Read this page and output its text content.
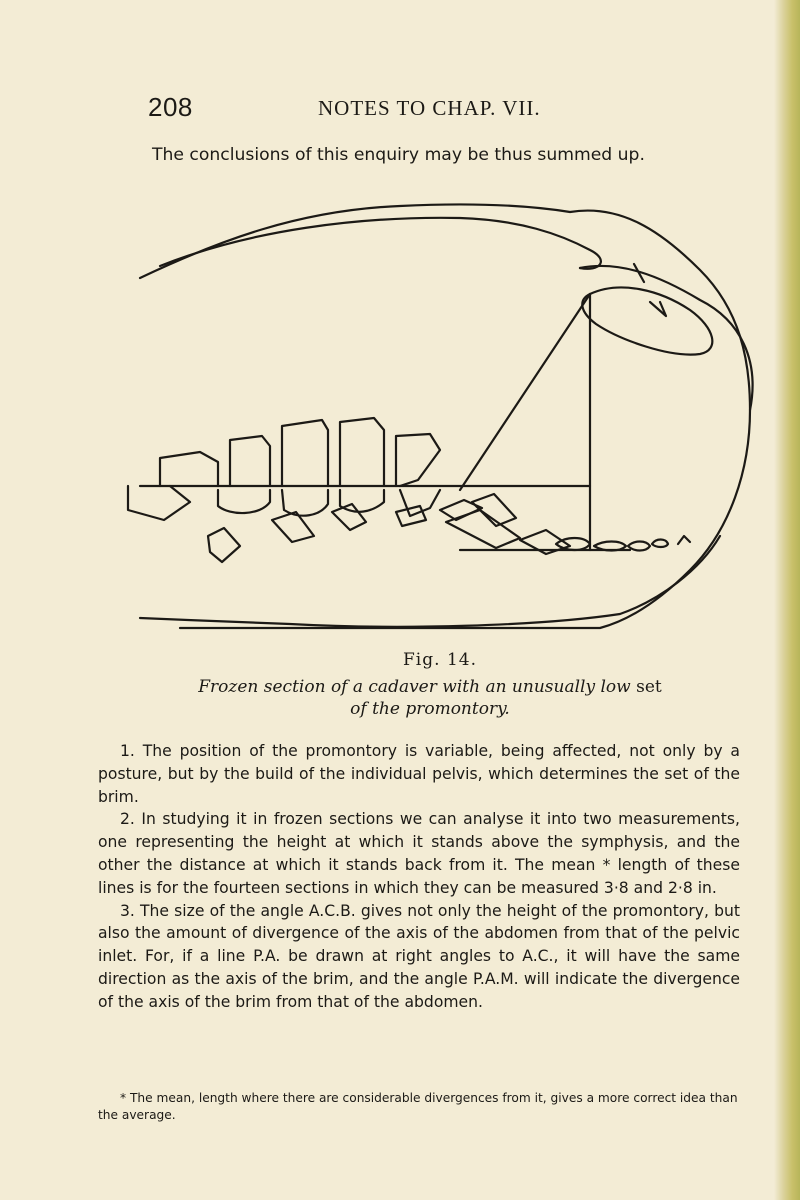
208	NOTES TO CHAP. VII.
The conclusions of this enquiry may be thus summed up.
Fig. 14.
Frozen section of a cadaver with an unusually low set
of the promontory.

1. The position of the promontory is variable, being affected, not only by a posture, but by the build of the individual pelvis, which determines the set of the brim.

2. In studying it in frozen sections we can analyse it into two measurements, one representing the height at which it stands above the symphysis, and the other the distance at which it stands back from it. The mean * length of these lines is for the fourteen sections in which they can be measured 3·8 and 2·8 in.

3. The size of the angle A.C.B. gives not only the height of the promontory, but also the amount of divergence of the axis of the abdomen from that of the pelvic inlet. For, if a line P.A. be drawn at right angles to A.C., it will have the same direction as the axis of the brim, and the angle P.A.M. will indicate the divergence of the axis of the brim from that of the abdomen.

* The mean, length where there are considerable divergences from it, gives a more correct idea than the average.
